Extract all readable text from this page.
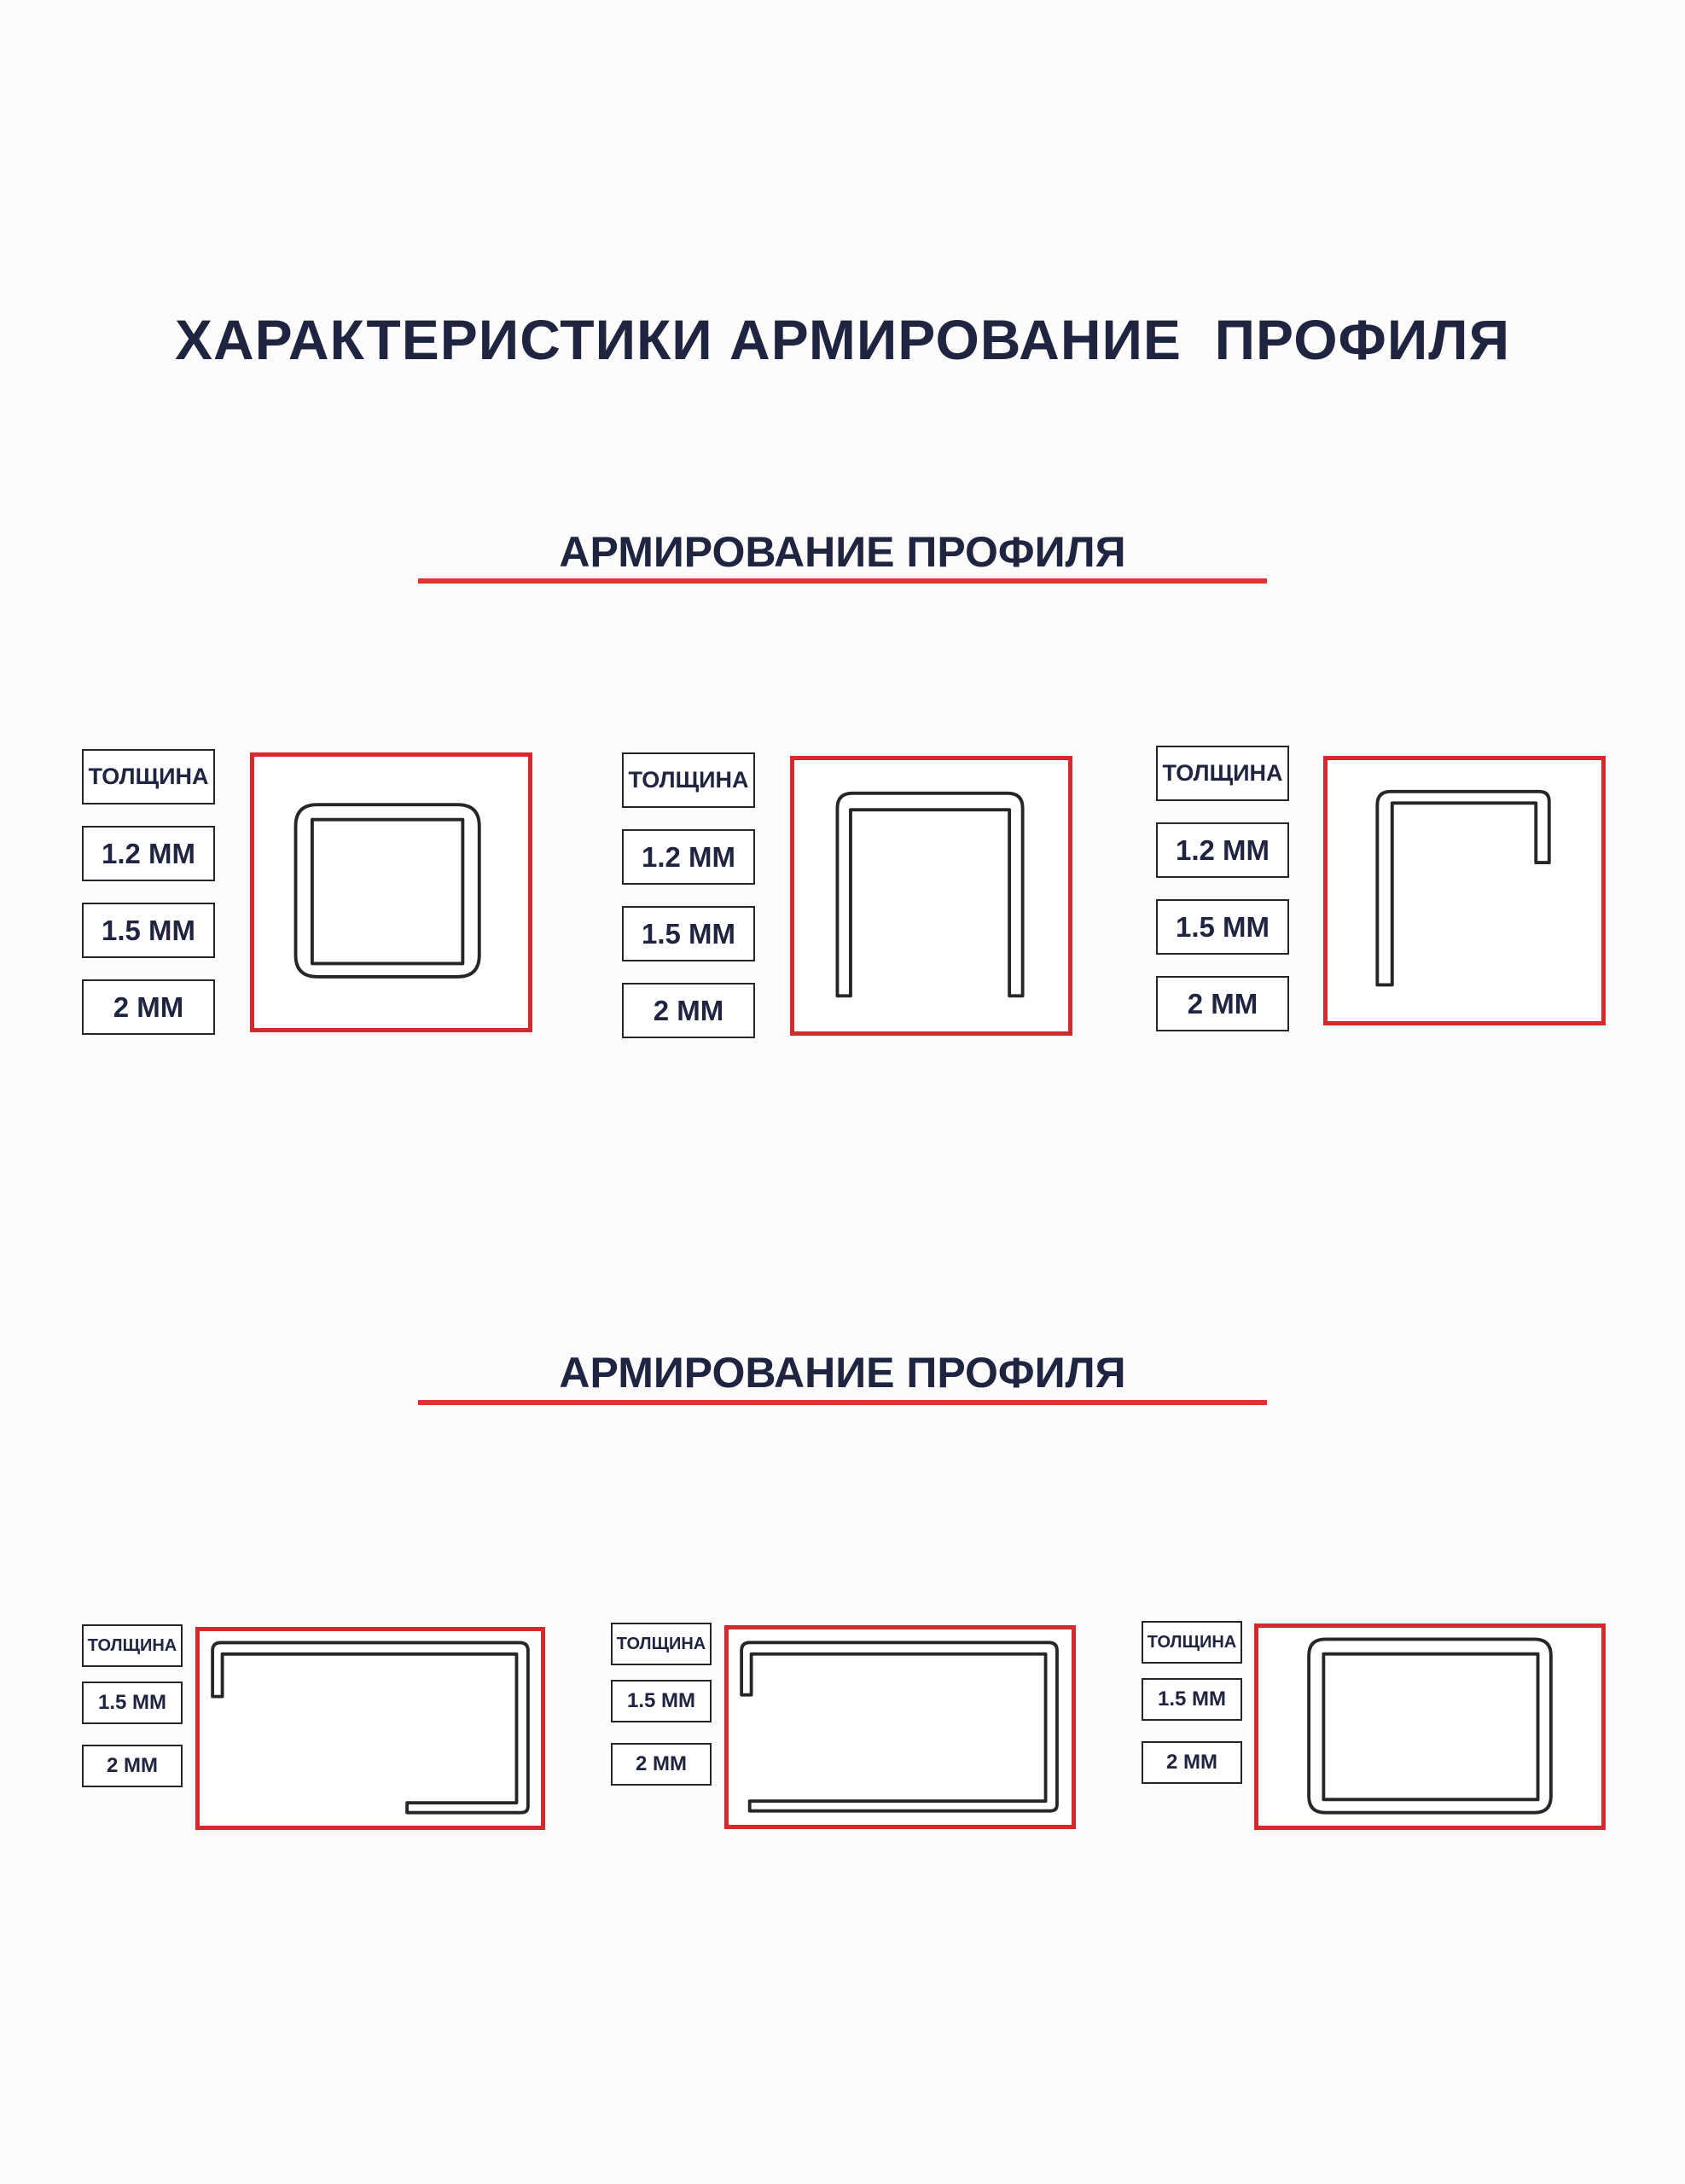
ХАРАКТЕРИСТИКИ АРМИРОВАНИЕ  ПРОФИЛЯ
АРМИРОВАНИЕ ПРОФИЛЯ
ТОЛЩИНА
1.2 MM
1.5 MM
2 MM
ТОЛЩИНА
1.2 MM
1.5 MM
2 MM
ТОЛЩИНА
1.2 MM
1.5 MM
2 MM
АРМИРОВАНИЕ ПРОФИЛЯ
ТОЛЩИНА
1.5 MM
2 MM
ТОЛЩИНА
1.5 MM
2 MM
ТОЛЩИНА
1.5 MM
2 MM
